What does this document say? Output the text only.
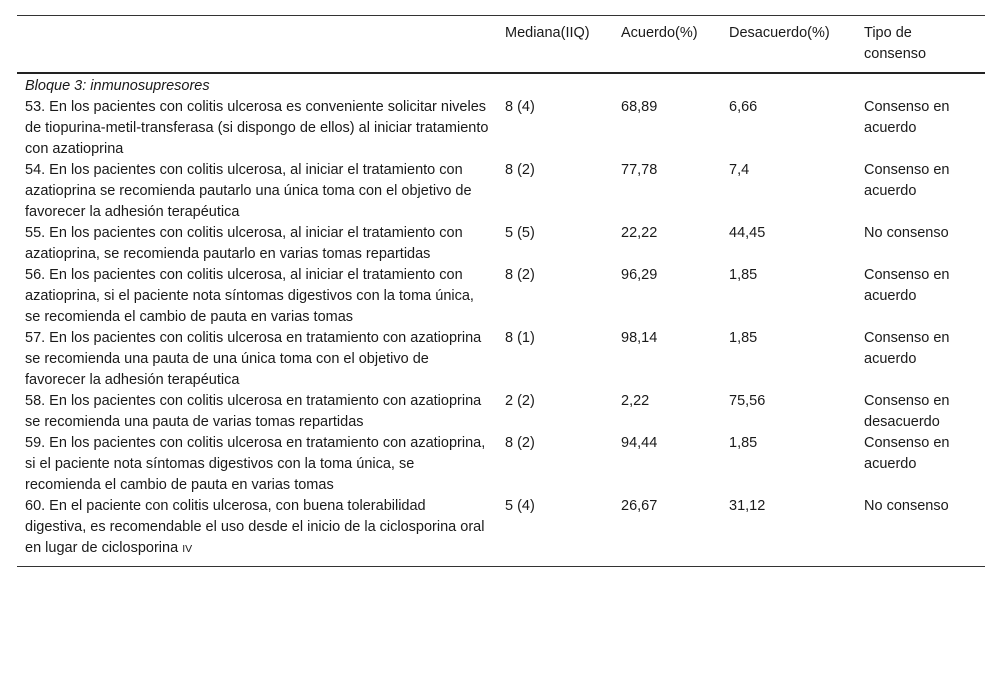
	Mediana(IIQ)	Acuerdo(%)	Desacuerdo(%)	Tipo de consenso
Bloque 3: inmunosupresores				
53. En los pacientes con colitis ulcerosa es conveniente solicitar niveles de tiopurina-metil-transferasa (si dispongo de ellos) al iniciar tratamiento con azatioprina	8 (4)	68,89	6,66	Consenso en acuerdo
54. En los pacientes con colitis ulcerosa, al iniciar el tratamiento con azatioprina se recomienda pautarlo una única toma con el objetivo de favorecer la adhesión terapéutica	8 (2)	77,78	7,4	Consenso en acuerdo
55. En los pacientes con colitis ulcerosa, al iniciar el tratamiento con azatioprina, se recomienda pautarlo en varias tomas repartidas	5 (5)	22,22	44,45	No consenso
56. En los pacientes con colitis ulcerosa, al iniciar el tratamiento con azatioprina, si el paciente nota síntomas digestivos con la toma única, se recomienda el cambio de pauta en varias tomas	8 (2)	96,29	1,85	Consenso en acuerdo
57. En los pacientes con colitis ulcerosa en tratamiento con azatioprina se recomienda una pauta de una única toma con el objetivo de favorecer la adhesión terapéutica	8 (1)	98,14	1,85	Consenso en acuerdo
58. En los pacientes con colitis ulcerosa en tratamiento con azatioprina se recomienda una pauta de varias tomas repartidas	2 (2)	2,22	75,56	Consenso en desacuerdo
59. En los pacientes con colitis ulcerosa en tratamiento con azatioprina, si el paciente nota síntomas digestivos con la toma única, se recomienda el cambio de pauta en varias tomas	8 (2)	94,44	1,85	Consenso en acuerdo
60. En el paciente con colitis ulcerosa, con buena tolerabilidad digestiva, es recomendable el uso desde el inicio de la ciclosporina oral en lugar de ciclosporina IV	5 (4)	26,67	31,12	No consenso
